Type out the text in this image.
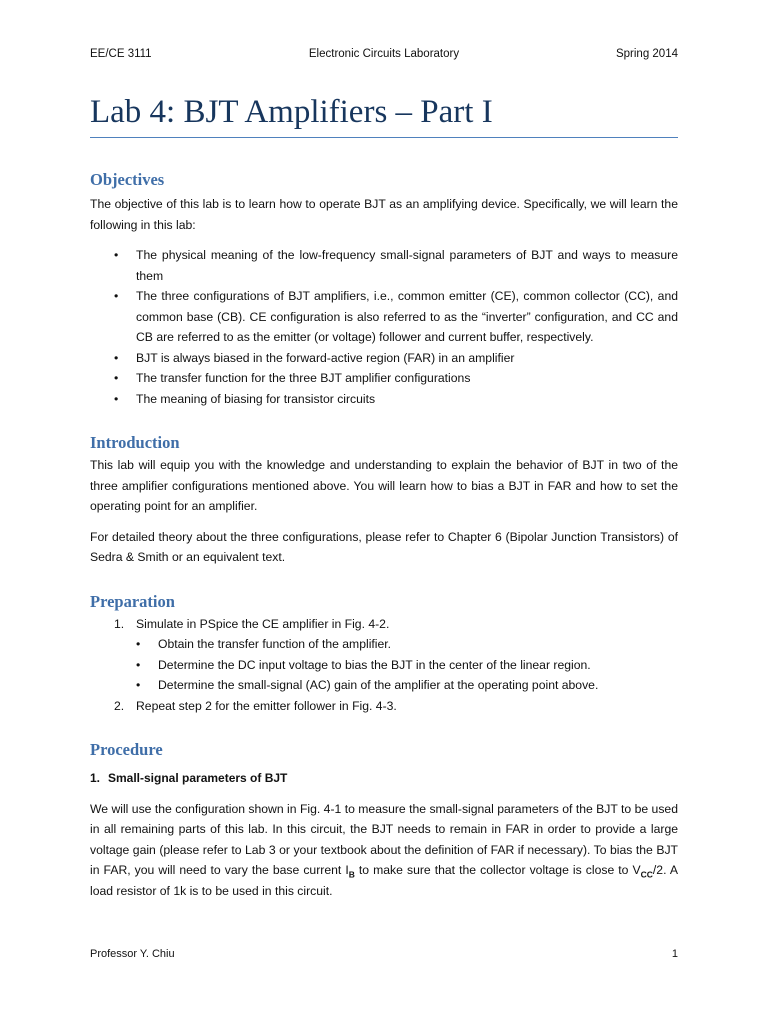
EE/CE 3111	Electronic Circuits Laboratory	Spring 2014
Lab 4: BJT Amplifiers – Part I
Objectives

The objective of this lab is to learn how to operate BJT as an amplifying device. Specifically, we will learn the following in this lab:

• The physical meaning of the low-frequency small-signal parameters of BJT and ways to measure them
• The three configurations of BJT amplifiers, i.e., common emitter (CE), common collector (CC), and common base (CB). CE configuration is also referred to as the “inverter” configuration, and CC and CB are referred to as the emitter (or voltage) follower and current buffer, respectively.
• BJT is always biased in the forward-active region (FAR) in an amplifier
• The transfer function for the three BJT amplifier configurations
• The meaning of biasing for transistor circuits
Introduction

This lab will equip you with the knowledge and understanding to explain the behavior of BJT in two of the three amplifier configurations mentioned above. You will learn how to bias a BJT in FAR and how to set the operating point for an amplifier.

For detailed theory about the three configurations, please refer to Chapter 6 (Bipolar Junction Transistors) of Sedra & Smith or an equivalent text.

Preparation
1. Simulate in PSpice the CE amplifier in Fig. 4-2.
• Obtain the transfer function of the amplifier.
• Determine the DC input voltage to bias the BJT in the center of the linear region.
• Determine the small-signal (AC) gain of the amplifier at the operating point above.
2. Repeat step 2 for the emitter follower in Fig. 4-3.
Procedure
1. Small-signal parameters of BJT

We will use the configuration shown in Fig. 4-1 to measure the small-signal parameters of the BJT to be used in all remaining parts of this lab. In this circuit, the BJT needs to remain in FAR in order to provide a large voltage gain (please refer to Lab 3 or your textbook about the definition of FAR if necessary). To bias the BJT in FAR, you will need to vary the base current $I_B$ to make sure that the collector voltage is close to $V_{CC}/2$. A load resistor of 1k is to be used in this circuit.

Professor Y. Chiu	1
